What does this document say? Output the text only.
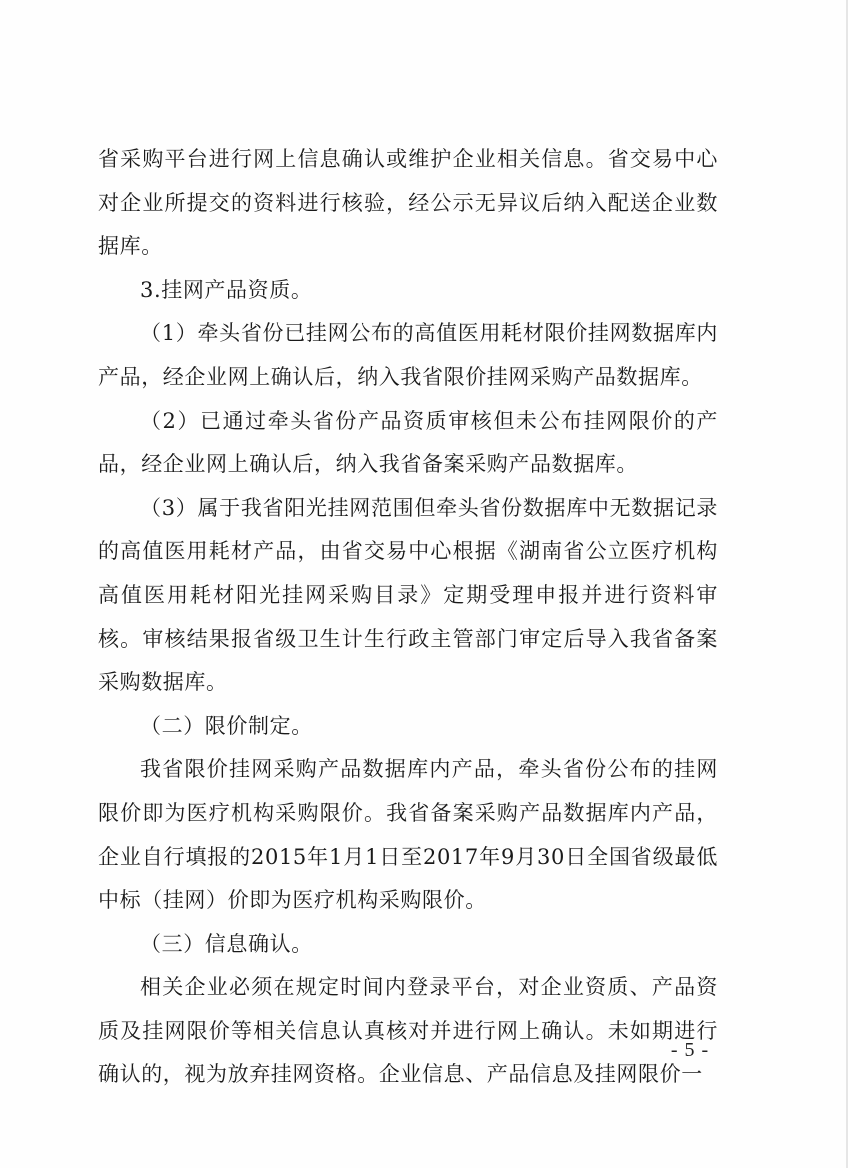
省采购平台进行网上信息确认或维护企业相关信息。省交易中心对企业所提交的资料进行核验，经公示无异议后纳入配送企业数据库。

3.挂网产品资质。

（1）牵头省份已挂网公布的高值医用耗材限价挂网数据库内产品，经企业网上确认后，纳入我省限价挂网采购产品数据库。

（2）已通过牵头省份产品资质审核但未公布挂网限价的产品，经企业网上确认后，纳入我省备案采购产品数据库。

（3）属于我省阳光挂网范围但牵头省份数据库中无数据记录的高值医用耗材产品，由省交易中心根据《湖南省公立医疗机构高值医用耗材阳光挂网采购目录》定期受理申报并进行资料审核。审核结果报省级卫生计生行政主管部门审定后导入我省备案采购数据库。

（二）限价制定。

我省限价挂网采购产品数据库内产品，牵头省份公布的挂网限价即为医疗机构采购限价。我省备案采购产品数据库内产品，企业自行填报的2015年1月1日至2017年9月30日全国省级最低中标（挂网）价即为医疗机构采购限价。

（三）信息确认。

相关企业必须在规定时间内登录平台，对企业资质、产品资质及挂网限价等相关信息认真核对并进行网上确认。未如期进行确认的，视为放弃挂网资格。企业信息、产品信息及挂网限价一

- 5 -
